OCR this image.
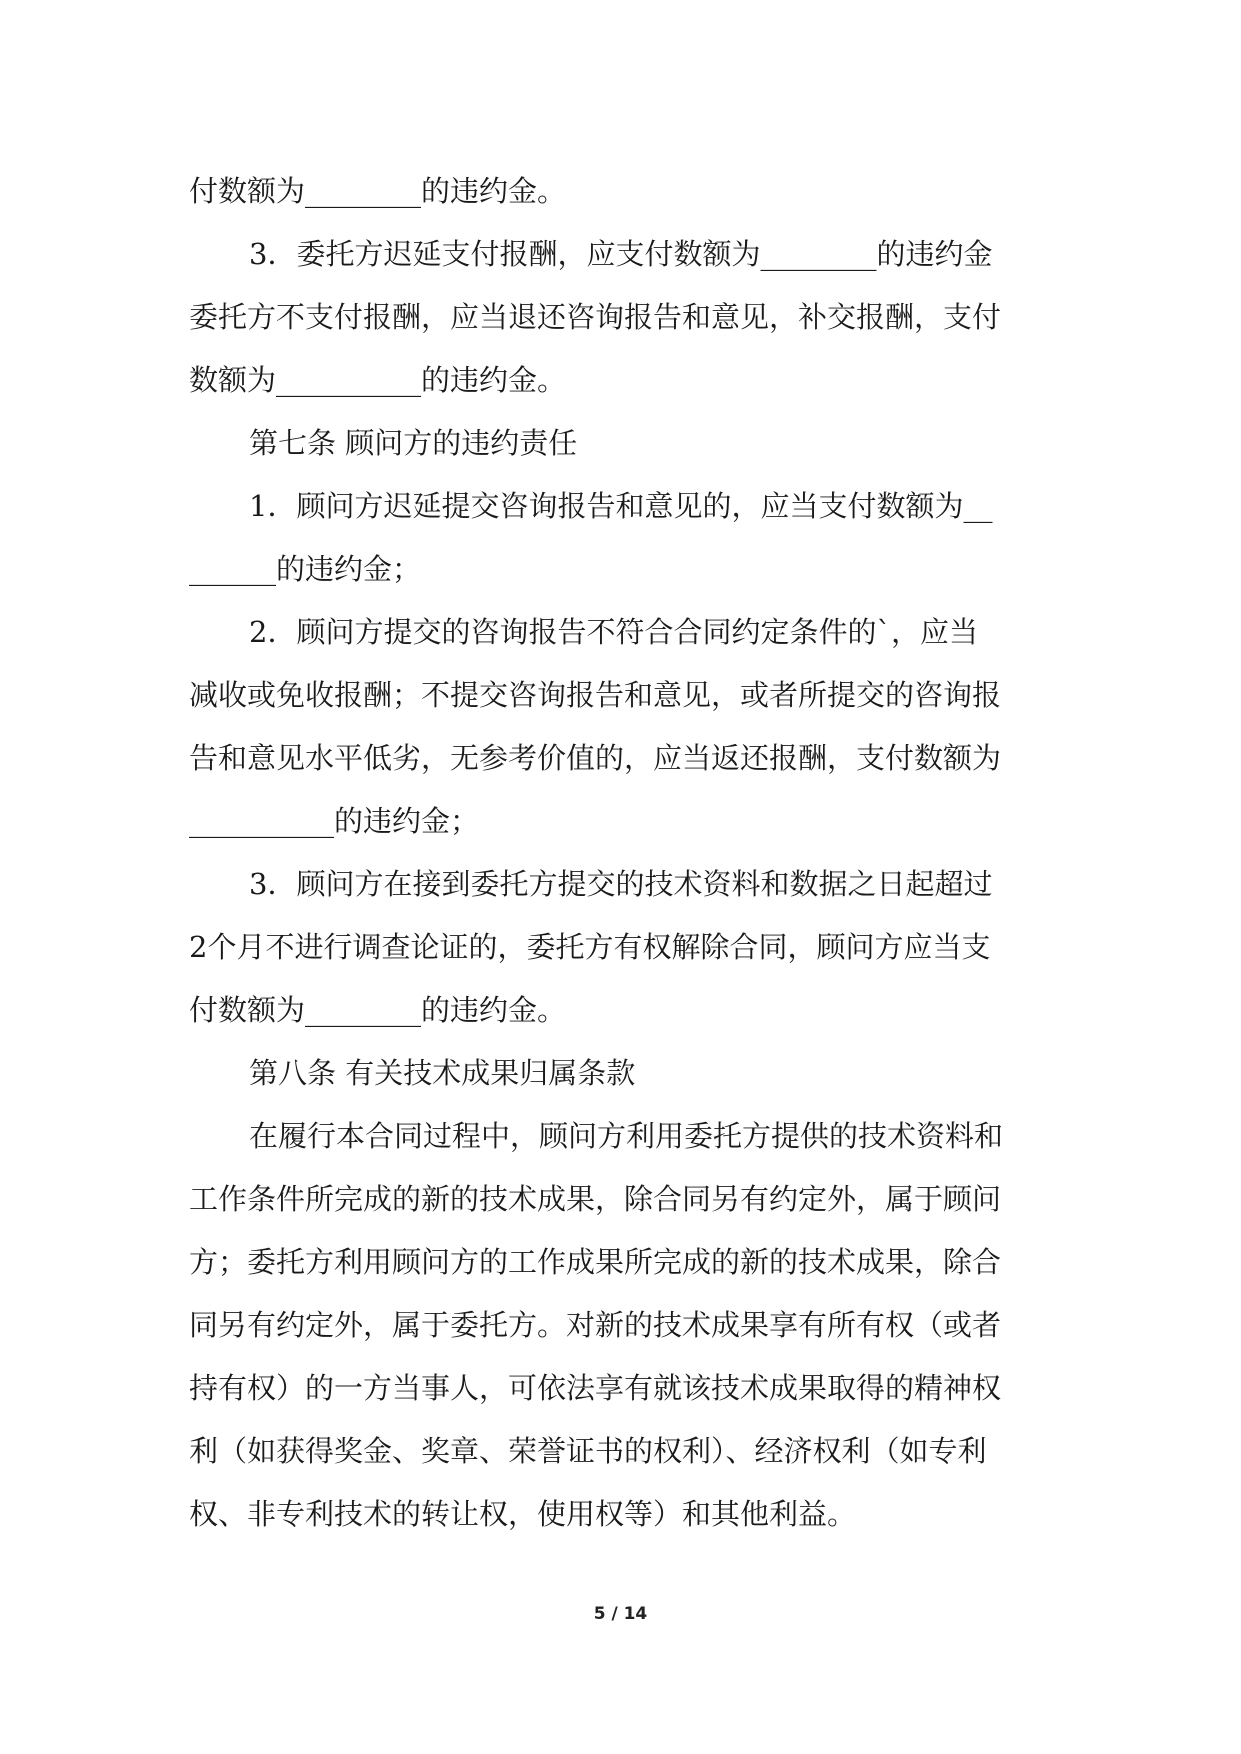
付数额为________的违约金。
3．委托方迟延支付报酬，应支付数额为________的违约金
委托方不支付报酬，应当退还咨询报告和意见，补交报酬，支付
数额为__________的违约金。
第七条 顾问方的违约责任
1．顾问方迟延提交咨询报告和意见的，应当支付数额为__
______的违约金；
2．顾问方提交的咨询报告不符合合同约定条件的`，应当
减收或免收报酬；不提交咨询报告和意见，或者所提交的咨询报
告和意见水平低劣，无参考价值的，应当返还报酬，支付数额为
__________的违约金；
3．顾问方在接到委托方提交的技术资料和数据之日起超过
2个月不进行调查论证的，委托方有权解除合同，顾问方应当支
付数额为________的违约金。
第八条 有关技术成果归属条款
在履行本合同过程中，顾问方利用委托方提供的技术资料和
工作条件所完成的新的技术成果，除合同另有约定外，属于顾问
方；委托方利用顾问方的工作成果所完成的新的技术成果，除合
同另有约定外，属于委托方。对新的技术成果享有所有权（或者
持有权）的一方当事人，可依法享有就该技术成果取得的精神权
利（如获得奖金、奖章、荣誉证书的权利）、经济权利（如专利
权、非专利技术的转让权，使用权等）和其他利益。
5 / 14
